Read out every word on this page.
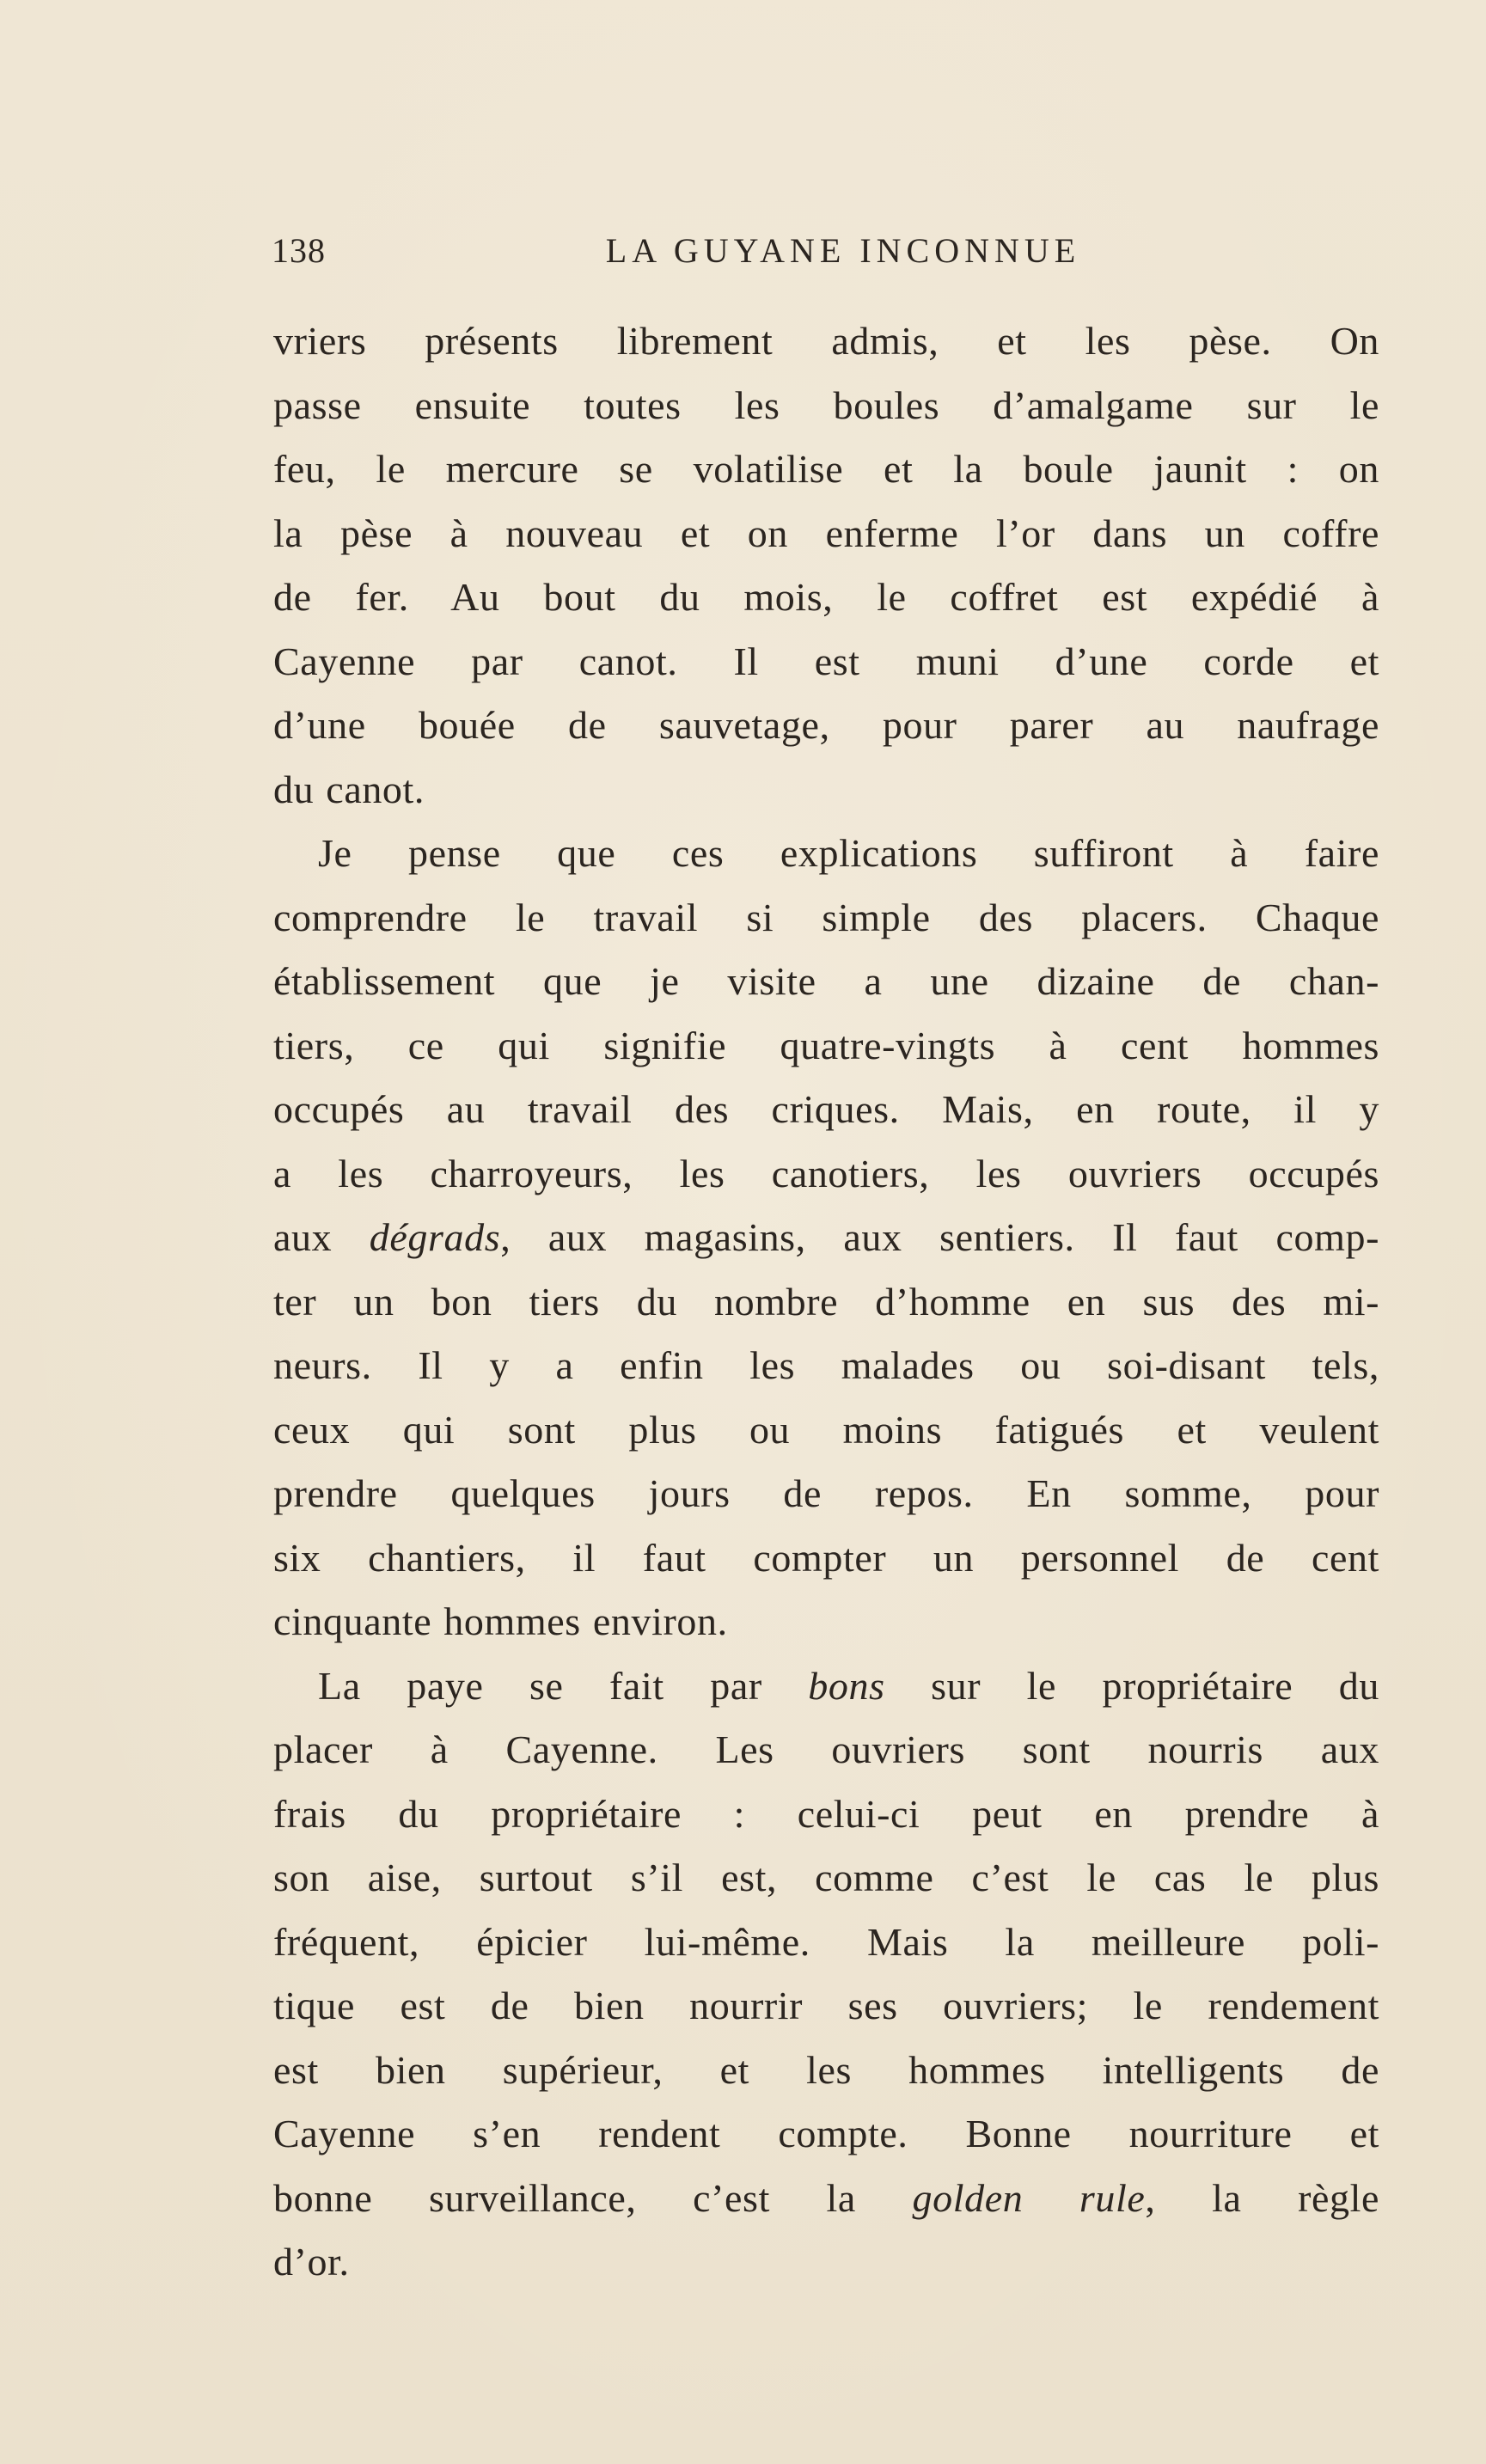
138	LA GUYANE INCONNUE
vriers présents librement admis, et les pèse. On
passe ensuite toutes les boules d’amalgame sur le
feu, le mercure se volatilise et la boule jaunit : on
la pèse à nouveau et on enferme l’or dans un coffre
de fer. Au bout du mois, le coffret est expédié à
Cayenne par canot. Il est muni d’une corde et
d’une bouée de sauvetage, pour parer au naufrage
du canot.
Je pense que ces explications suffiront à faire
comprendre le travail si simple des placers. Chaque
établissement que je visite a une dizaine de chan-
tiers, ce qui signifie quatre-vingts à cent hommes
occupés au travail des criques. Mais, en route, il y
a les charroyeurs, les canotiers, les ouvriers occupés
aux dégrads, aux magasins, aux sentiers. Il faut comp-
ter un bon tiers du nombre d’homme en sus des mi-
neurs. Il y a enfin les malades ou soi-disant tels,
ceux qui sont plus ou moins fatigués et veulent
prendre quelques jours de repos. En somme, pour
six chantiers, il faut compter un personnel de cent
cinquante hommes environ.
La paye se fait par bons sur le propriétaire du
placer à Cayenne. Les ouvriers sont nourris aux
frais du propriétaire : celui-ci peut en prendre à
son aise, surtout s’il est, comme c’est le cas le plus
fréquent, épicier lui-même. Mais la meilleure poli-
tique est de bien nourrir ses ouvriers; le rendement
est bien supérieur, et les hommes intelligents de
Cayenne s’en rendent compte. Bonne nourriture et
bonne surveillance, c’est la golden rule, la règle
d’or.
